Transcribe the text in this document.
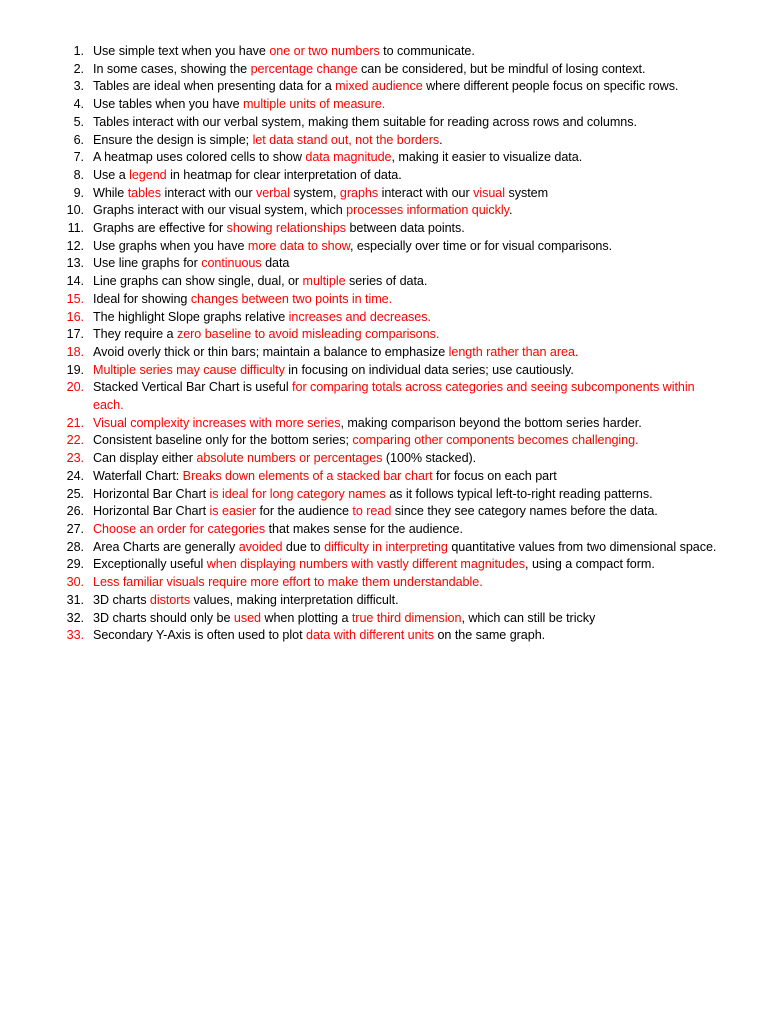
1. Use simple text when you have one or two numbers to communicate.
2. In some cases, showing the percentage change can be considered, but be mindful of losing context.
3. Tables are ideal when presenting data for a mixed audience where different people focus on specific rows.
4. Use tables when you have multiple units of measure.
5. Tables interact with our verbal system, making them suitable for reading across rows and columns.
6. Ensure the design is simple; let data stand out, not the borders.
7. A heatmap uses colored cells to show data magnitude, making it easier to visualize data.
8. Use a legend in heatmap for clear interpretation of data.
9. While tables interact with our verbal system, graphs interact with our visual system
10. Graphs interact with our visual system, which processes information quickly.
11. Graphs are effective for showing relationships between data points.
12. Use graphs when you have more data to show, especially over time or for visual comparisons.
13. Use line graphs for continuous data
14. Line graphs can show single, dual, or multiple series of data.
15. Ideal for showing changes between two points in time.
16. The highlight Slope graphs relative increases and decreases.
17. They require a zero baseline to avoid misleading comparisons.
18. Avoid overly thick or thin bars; maintain a balance to emphasize length rather than area.
19. Multiple series may cause difficulty in focusing on individual data series; use cautiously.
20. Stacked Vertical Bar Chart is useful for comparing totals across categories and seeing subcomponents within each.
21. Visual complexity increases with more series, making comparison beyond the bottom series harder.
22. Consistent baseline only for the bottom series; comparing other components becomes challenging.
23. Can display either absolute numbers or percentages (100% stacked).
24. Waterfall Chart: Breaks down elements of a stacked bar chart for focus on each part
25. Horizontal Bar Chart is ideal for long category names as it follows typical left-to-right reading patterns.
26. Horizontal Bar Chart is easier for the audience to read since they see category names before the data.
27. Choose an order for categories that makes sense for the audience.
28. Area Charts are generally avoided due to difficulty in interpreting quantitative values from two dimensional space.
29. Exceptionally useful when displaying numbers with vastly different magnitudes, using a compact form.
30. Less familiar visuals require more effort to make them understandable.
31. 3D charts distorts values, making interpretation difficult.
32. 3D charts should only be used when plotting a true third dimension, which can still be tricky
33. Secondary Y-Axis is often used to plot data with different units on the same graph.
